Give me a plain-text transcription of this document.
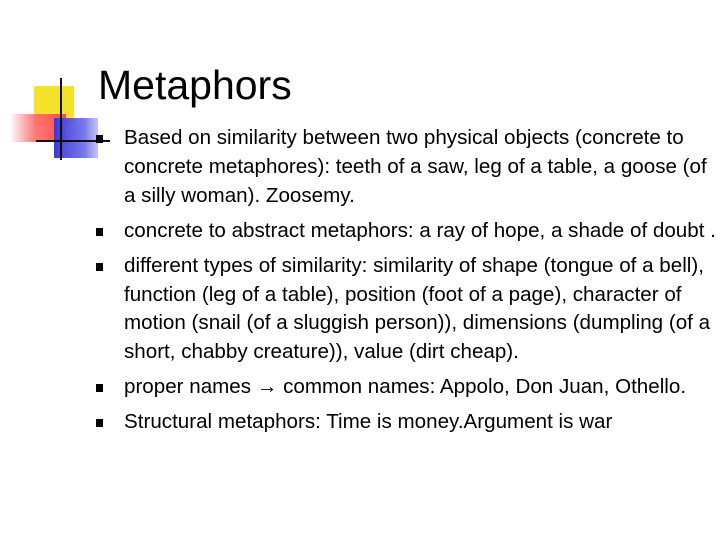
Metaphors
Based on similarity between two physical objects (concrete to concrete metaphores): teeth of a saw, leg of a table, a goose (of a silly woman). Zoosemy.
concrete to abstract metaphors: a ray of hope, a shade of doubt .
different types of similarity: similarity of shape (tongue of a bell), function (leg of a table), position (foot of a page), character of motion (snail (of a sluggish person)), dimensions (dumpling (of a short, chabby creature)), value (dirt cheap).
proper names → common names: Appolo, Don Juan, Othello.
Structural metaphors: Time is money.Argument is war
